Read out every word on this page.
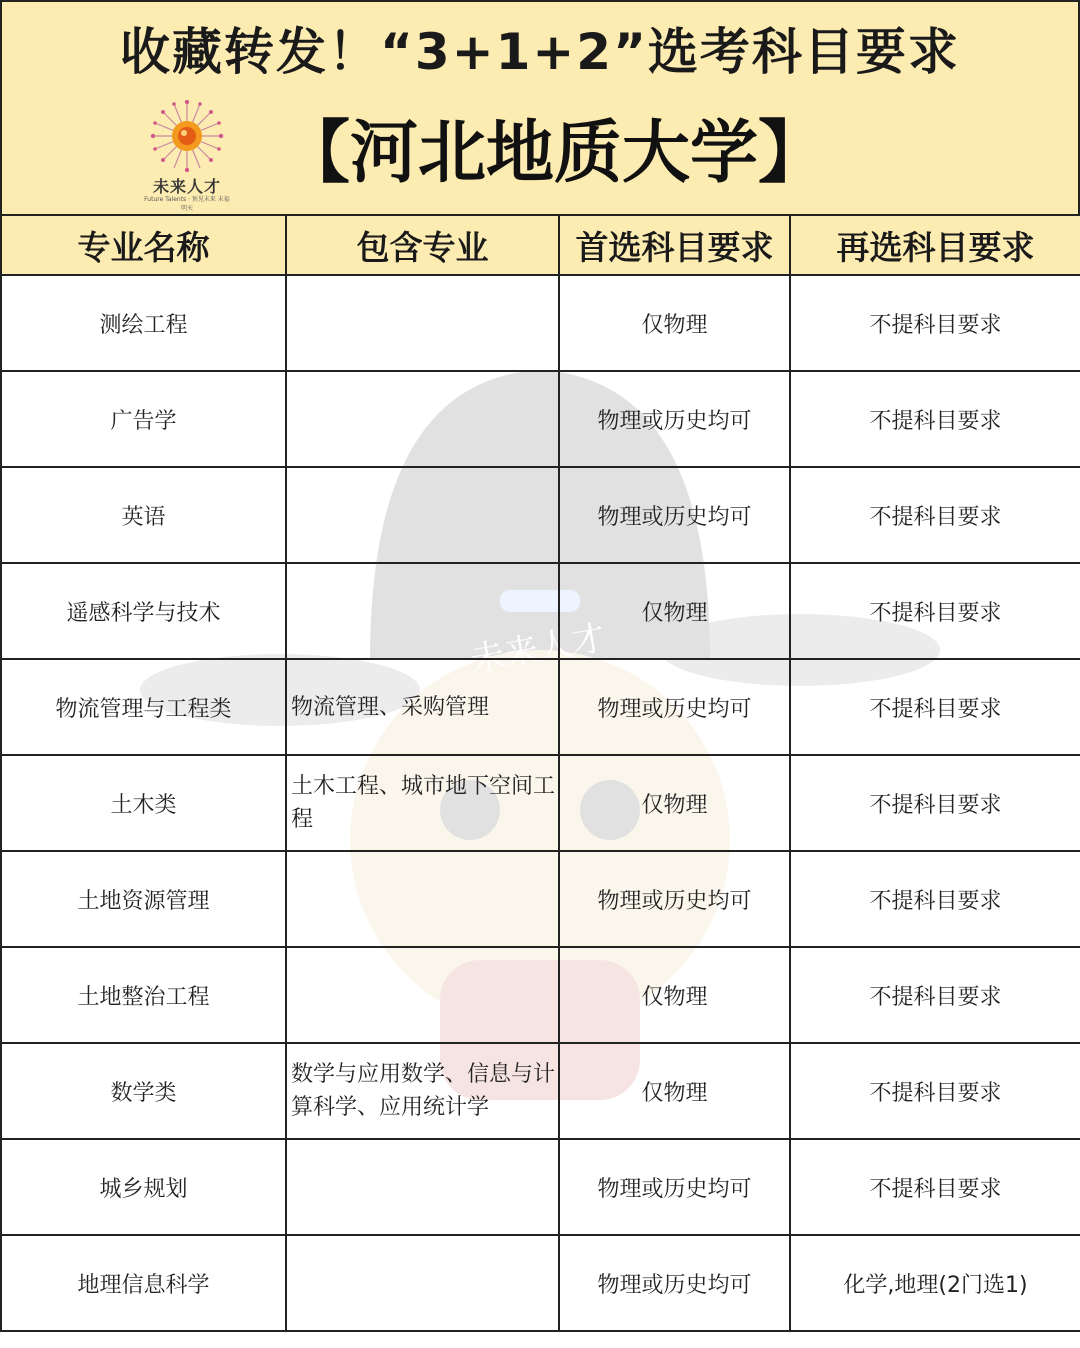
收藏转发！“3+1+2”选考科目要求
未来人才
Future Talents · 预见未来 未福明天
【河北地质大学】
未来人才
专业名称	包含专业	首选科目要求	再选科目要求
测绘工程		仅物理	不提科目要求
广告学		物理或历史均可	不提科目要求
英语		物理或历史均可	不提科目要求
遥感科学与技术		仅物理	不提科目要求
物流管理与工程类	物流管理、采购管理	物理或历史均可	不提科目要求
土木类	土木工程、城市地下空间工程	仅物理	不提科目要求
土地资源管理		物理或历史均可	不提科目要求
土地整治工程		仅物理	不提科目要求
数学类	数学与应用数学、信息与计算科学、应用统计学	仅物理	不提科目要求
城乡规划		物理或历史均可	不提科目要求
地理信息科学		物理或历史均可	化学,地理(2门选1)
